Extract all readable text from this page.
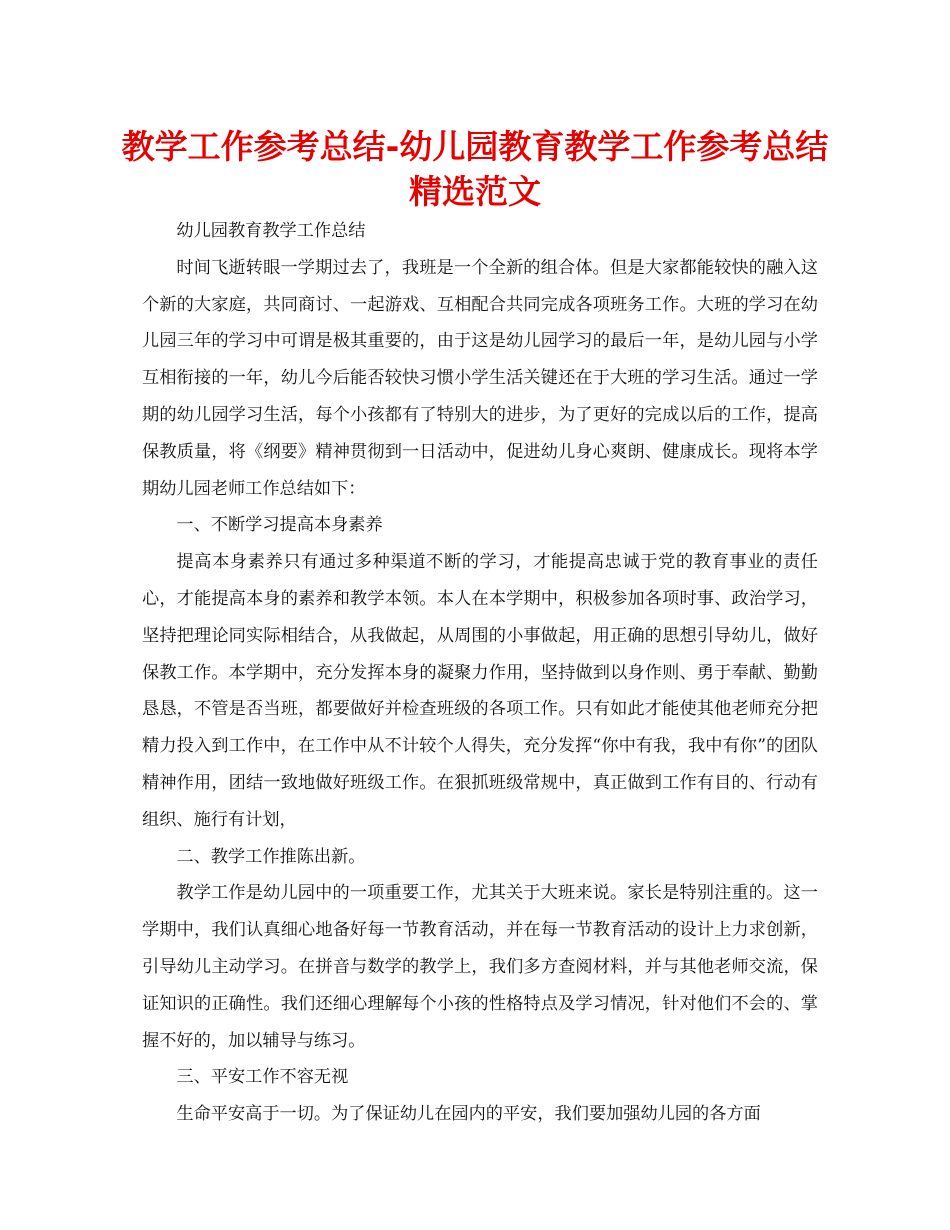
教学工作参考总结-幼儿园教育教学工作参考总结
精选范文

幼儿园教育教学工作总结

时间飞逝转眼一学期过去了，我班是一个全新的组合体。但是大家都能较快的融入这个新的大家庭，共同商讨、一起游戏、互相配合共同完成各项班务工作。大班的学习在幼儿园三年的学习中可谓是极其重要的，由于这是幼儿园学习的最后一年，是幼儿园与小学互相衔接的一年，幼儿今后能否较快习惯小学生活关键还在于大班的学习生活。通过一学期的幼儿园学习生活，每个小孩都有了特别大的进步，为了更好的完成以后的工作，提高保教质量，将《纲要》精神贯彻到一日活动中，促进幼儿身心爽朗、健康成长。现将本学期幼儿园老师工作总结如下：

一、不断学习提高本身素养

提高本身素养只有通过多种渠道不断的学习，才能提高忠诚于党的教育事业的责任心，才能提高本身的素养和教学本领。本人在本学期中，积极参加各项时事、政治学习，坚持把理论同实际相结合，从我做起，从周围的小事做起，用正确的思想引导幼儿，做好保教工作。本学期中，充分发挥本身的凝聚力作用，坚持做到以身作则、勇于奉献、勤勤恳恳，不管是否当班，都要做好并检查班级的各项工作。只有如此才能使其他老师充分把精力投入到工作中，在工作中从不计较个人得失，充分发挥“你中有我，我中有你”的团队精神作用，团结一致地做好班级工作。在狠抓班级常规中，真正做到工作有目的、行动有组织、施行有计划，

二、教学工作推陈出新。

教学工作是幼儿园中的一项重要工作，尤其关于大班来说。家长是特别注重的。这一学期中，我们认真细心地备好每一节教育活动，并在每一节教育活动的设计上力求创新，引导幼儿主动学习。在拼音与数学的教学上，我们多方查阅材料，并与其他老师交流，保证知识的正确性。我们还细心理解每个小孩的性格特点及学习情况，针对他们不会的、掌握不好的，加以辅导与练习。

三、平安工作不容无视

生命平安高于一切。为了保证幼儿在园内的平安，我们要加强幼儿园的各方面
